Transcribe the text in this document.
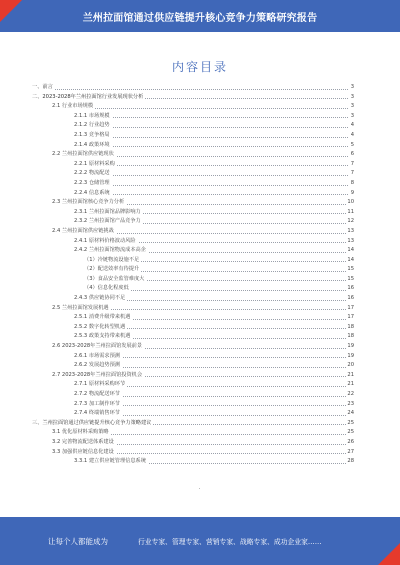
兰州拉面馆通过供应链提升核心竞争力策略研究报告
内容目录
一、前言	3
二、2023-2028年兰州拉面馆行业发展现状分析	3
2.1 行业市场规模	3
2.1.1 市场规模	3
2.1.2 行业趋势	4
2.1.3 竞争格局	4
2.1.4 政策环境	5
2.2 兰州拉面馆供应链现状	6
2.2.1 原材料采购	7
2.2.2 物流配送	7
2.2.3 仓储管理	8
2.2.4 信息系统	9
2.3 兰州拉面馆核心竞争力分析	10
2.3.1 兰州拉面馆品牌影响力	11
2.3.2 兰州拉面馆产品竞争力	12
2.4 兰州拉面馆供应链挑战	13
2.4.1 原材料价格波动风险	13
2.4.2 兰州拉面馆物流成本高企	14
（1）冷链物流设施不足	14
（2）配送效率有待提升	15
（3）食品安全监管难度大	15
（4）信息化程度低	16
2.4.3 供应链协同不足	16
2.5 兰州拉面馆发展机遇	17
2.5.1 消费升级带来机遇	17
2.5.2 数字化转型机遇	18
2.5.3 政策支持带来机遇	18
2.6 2023-2028年兰州拉面馆发展前景	19
2.6.1 市场需求预测	19
2.6.2 发展趋势预测	20
2.7 2023-2028年兰州拉面馆投资机会	21
2.7.1 原材料采购环节	21
2.7.2 物流配送环节	22
2.7.3 加工制作环节	23
2.7.4 终端销售环节	24
三、兰州拉面馆通过供应链提升核心竞争力策略建议	25
3.1 优化原材料采购策略	25
3.2 完善物流配送体系建设	26
3.3 加强供应链信息化建设	27
3.3.1 建立供应链管理信息系统	28
·
让每个人都能成为	行业专家、管理专家、营销专家、战略专家、成功企业家……
